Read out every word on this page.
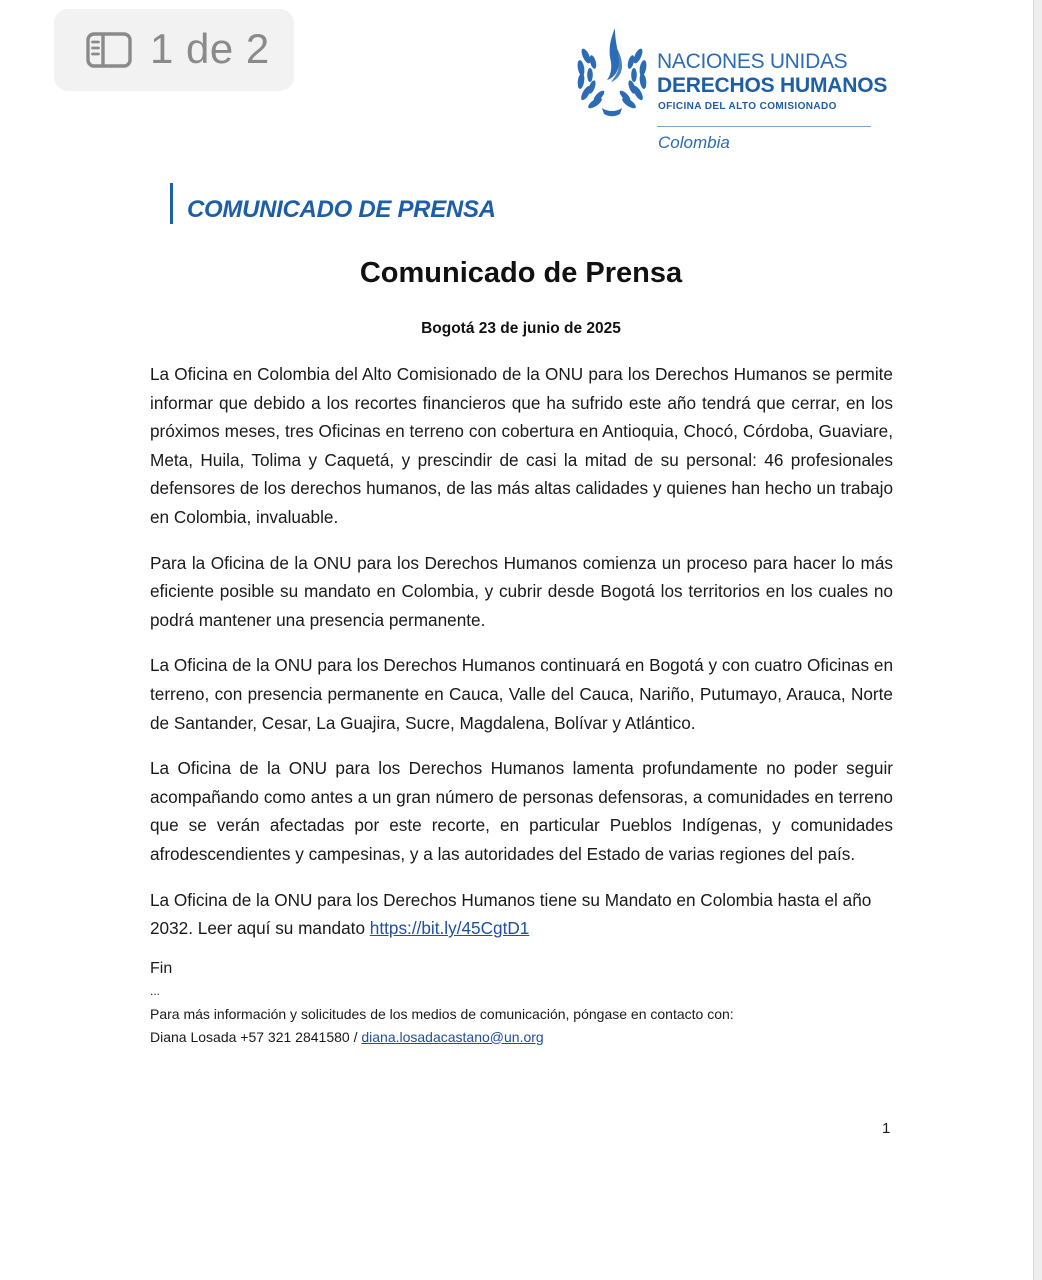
1 de 2	NACIONES UNIDAS
DERECHOS HUMANOS
OFICINA DEL ALTO COMISIONADO
Colombia
COMUNICADO DE PRENSA
Comunicado de Prensa
Bogotá 23 de junio de 2025

La Oficina en Colombia del Alto Comisionado de la ONU para los Derechos Humanos se permite informar que debido a los recortes financieros que ha sufrido este año tendrá que cerrar, en los próximos meses, tres Oficinas en terreno con cobertura en Antioquia, Chocó, Córdoba, Guaviare, Meta, Huila, Tolima y Caquetá, y prescindir de casi la mitad de su personal: 46 profesionales defensores de los derechos humanos, de las más altas calidades y quienes han hecho un trabajo en Colombia, invaluable.

Para la Oficina de la ONU para los Derechos Humanos comienza un proceso para hacer lo más eficiente posible su mandato en Colombia, y cubrir desde Bogotá los territorios en los cuales no podrá mantener una presencia permanente.

La Oficina de la ONU para los Derechos Humanos continuará en Bogotá y con cuatro Oficinas en terreno, con presencia permanente en Cauca, Valle del Cauca, Nariño, Putumayo, Arauca, Norte de Santander, Cesar, La Guajira, Sucre, Magdalena, Bolívar y Atlántico.

La Oficina de la ONU para los Derechos Humanos lamenta profundamente no poder seguir acompañando como antes a un gran número de personas defensoras, a comunidades en terreno que se verán afectadas por este recorte, en particular Pueblos Indígenas, y comunidades afrodescendientes y campesinas, y a las autoridades del Estado de varias regiones del país.

La Oficina de la ONU para los Derechos Humanos tiene su Mandato en Colombia hasta el año 2032. Leer aquí su mandato https://bit.ly/45CgtD1

Fin

...
Para más información y solicitudes de los medios de comunicación, póngase en contacto con:
Diana Losada +57 321 2841580 / diana.losadacastano@un.org
1
